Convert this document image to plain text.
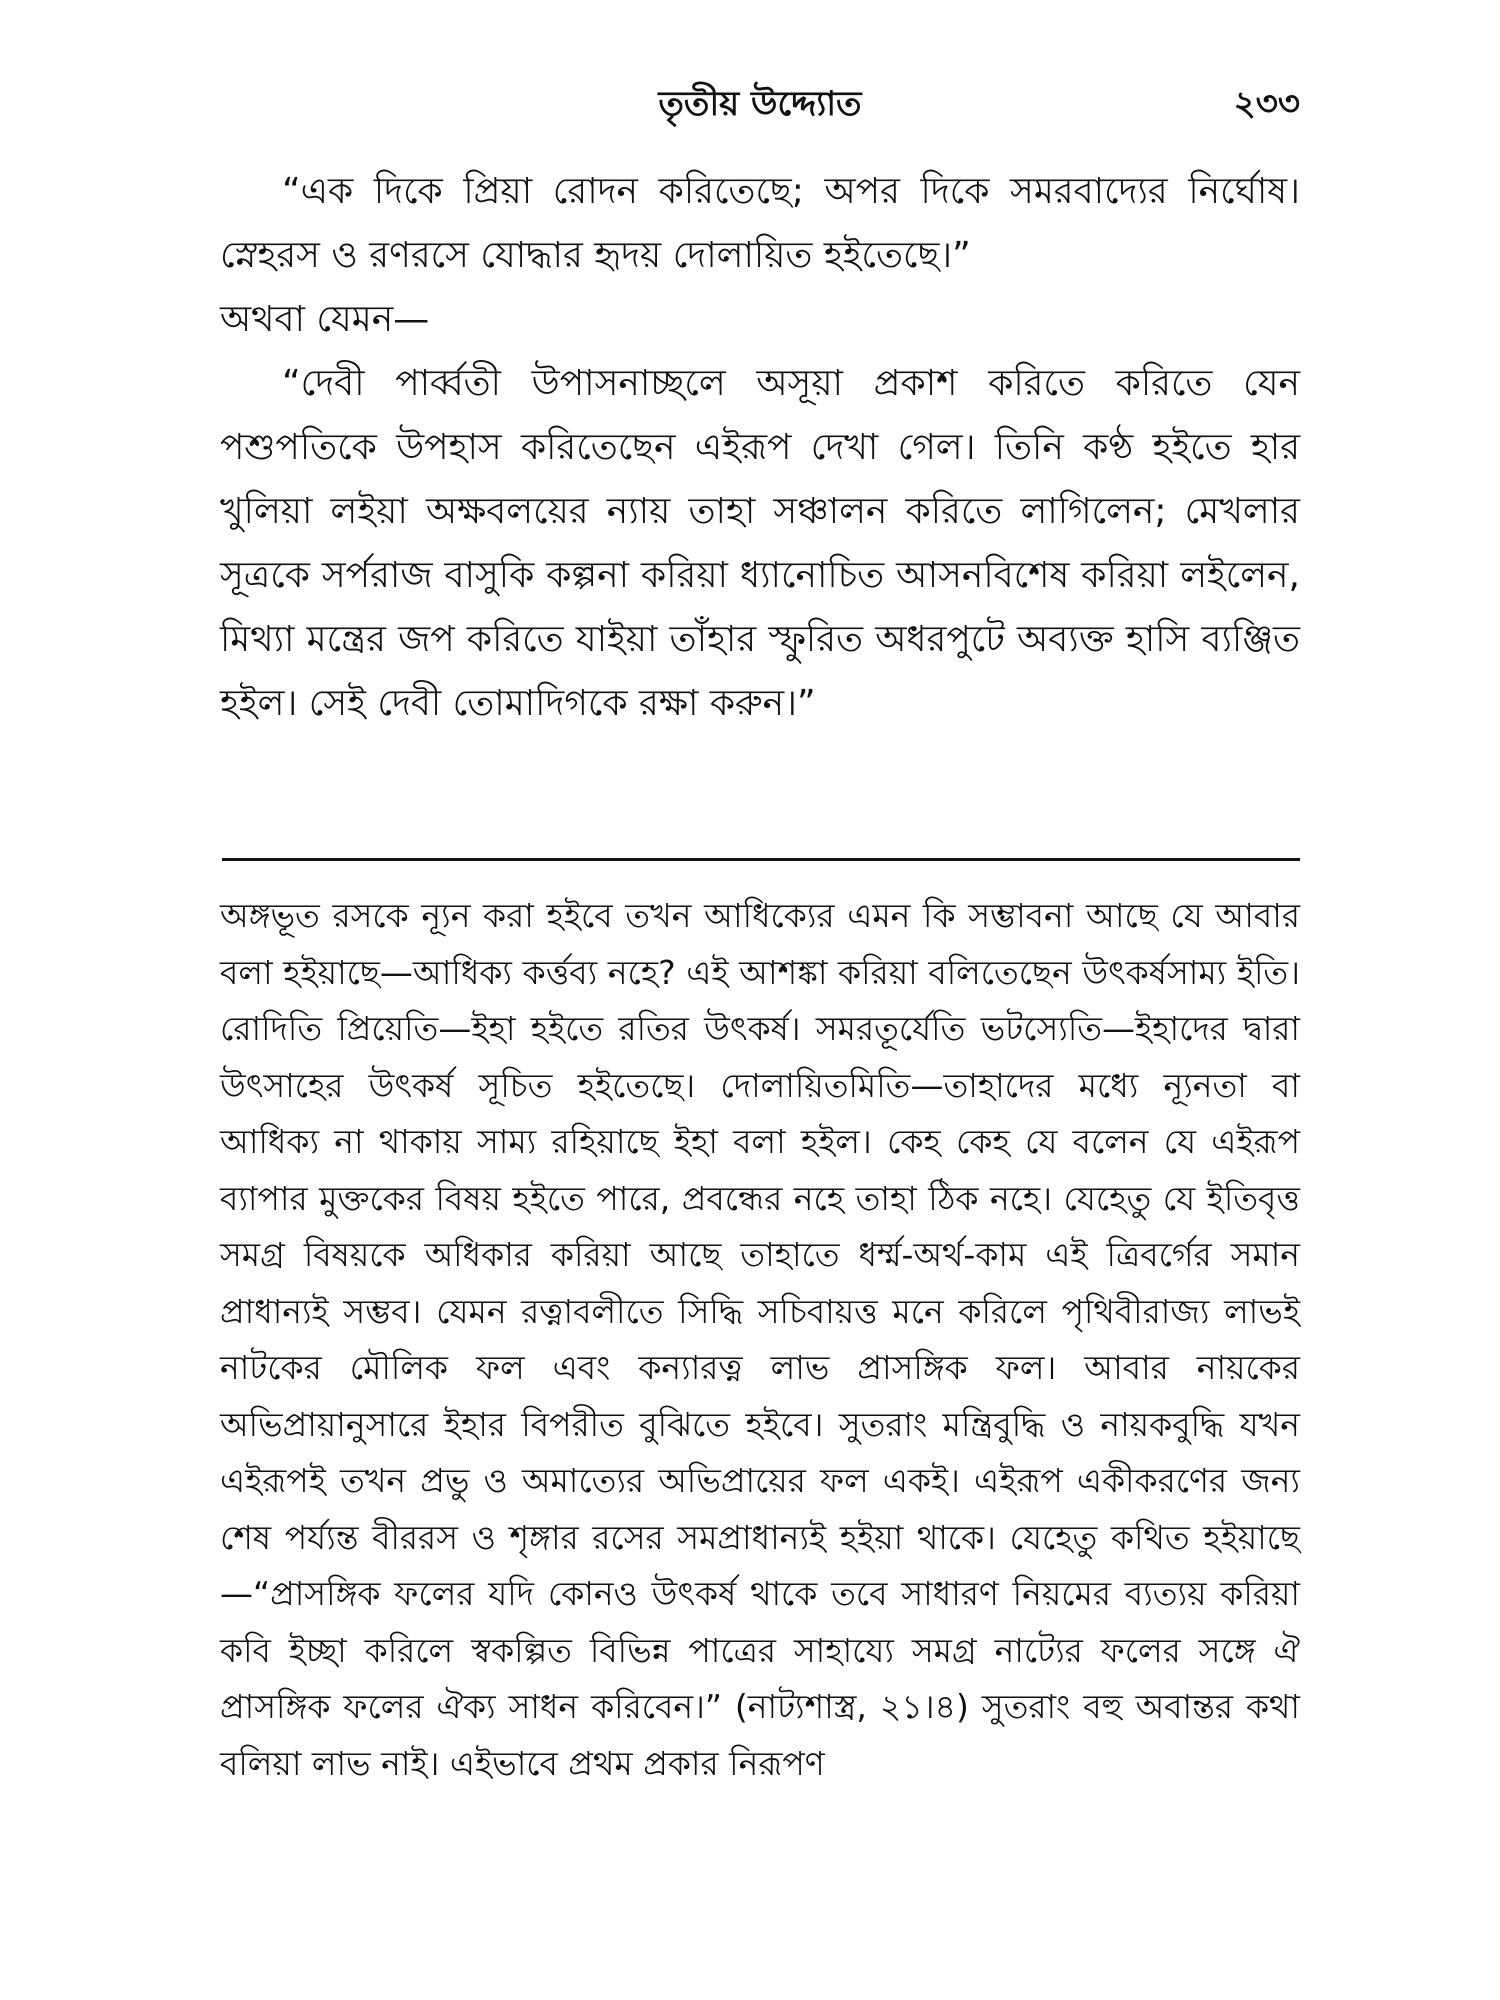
তৃতীয় উদ্দ্যোত	২৩৩

“এক দিকে প্রিয়া রোদন করিতেছে; অপর দিকে সমরবাদ্যের নির্ঘোষ। স্নেহরস ও রণরসে যোদ্ধার হৃদয় দোলায়িত হইতেছে।”

অথবা যেমন—

“দেবী পার্ব্বতী উপাসনাচ্ছলে অসূয়া প্রকাশ করিতে করিতে যেন পশুপতিকে উপহাস করিতেছেন এইরূপ দেখা গেল। তিনি কণ্ঠ হইতে হার খুলিয়া লইয়া অক্ষবলয়ের ন্যায় তাহা সঞ্চালন করিতে লাগিলেন; মেখলার সূত্রকে সর্পরাজ বাসুকি কল্পনা করিয়া ধ্যানোচিত আসনবিশেষ করিয়া লইলেন, মিথ্যা মন্ত্রের জপ করিতে যাইয়া তাঁহার স্ফুরিত অধরপুটে অব্যক্ত হাসি ব্যঞ্জিত হইল। সেই দেবী তোমাদিগকে রক্ষা করুন।”

অঙ্গভূত রসকে ন্যূন করা হইবে তখন আধিক্যের এমন কি সম্ভাবনা আছে যে আবার বলা হইয়াছে—আধিক্য কর্ত্তব্য নহে? এই আশঙ্কা করিয়া বলিতেছেন উৎকর্ষসাম্য ইতি। রোদিতি প্রিয়েতি—ইহা হইতে রতির উৎকর্ষ। সমরতূর্যেতি ভটস্যেতি—ইহাদের দ্বারা উৎসাহের উৎকর্ষ সূচিত হইতেছে। দোলায়িতমিতি—তাহাদের মধ্যে ন্যূনতা বা আধিক্য না থাকায় সাম্য রহিয়াছে ইহা বলা হইল। কেহ কেহ যে বলেন যে এইরূপ ব্যাপার মুক্তকের বিষয় হইতে পারে, প্রবন্ধের নহে তাহা ঠিক নহে। যেহেতু যে ইতিবৃত্ত সমগ্র বিষয়কে অধিকার করিয়া আছে তাহাতে ধর্ম্ম-অর্থ-কাম এই ত্রিবর্গের সমান প্রাধান্যই সম্ভব। যেমন রত্নাবলীতে সিদ্ধি সচিবায়ত্ত মনে করিলে পৃথিবীরাজ্য লাভই নাটকের মৌলিক ফল এবং কন্যারত্ন লাভ প্রাসঙ্গিক ফল। আবার নায়কের অভিপ্রায়ানুসারে ইহার বিপরীত বুঝিতে হইবে। সুতরাং মন্ত্রিবুদ্ধি ও নায়কবুদ্ধি যখন এইরূপই তখন প্রভু ও অমাত্যের অভিপ্রায়ের ফল একই। এইরূপ একীকরণের জন্য শেষ পর্য্যন্ত বীররস ও শৃঙ্গার রসের সমপ্রাধান্যই হইয়া থাকে। যেহেতু কথিত হইয়াছে —“প্রাসঙ্গিক ফলের যদি কোনও উৎকর্ষ থাকে তবে সাধারণ নিয়মের ব্যত্যয় করিয়া কবি ইচ্ছা করিলে স্বকল্পিত বিভিন্ন পাত্রের সাহায্যে সমগ্র নাট্যের ফলের সঙ্গে ঐ প্রাসঙ্গিক ফলের ঐক্য সাধন করিবেন।” (নাট্যশাস্ত্র, ২১।৪) সুতরাং বহু অবান্তর কথা বলিয়া লাভ নাই। এইভাবে প্রথম প্রকার নিরূপণ
